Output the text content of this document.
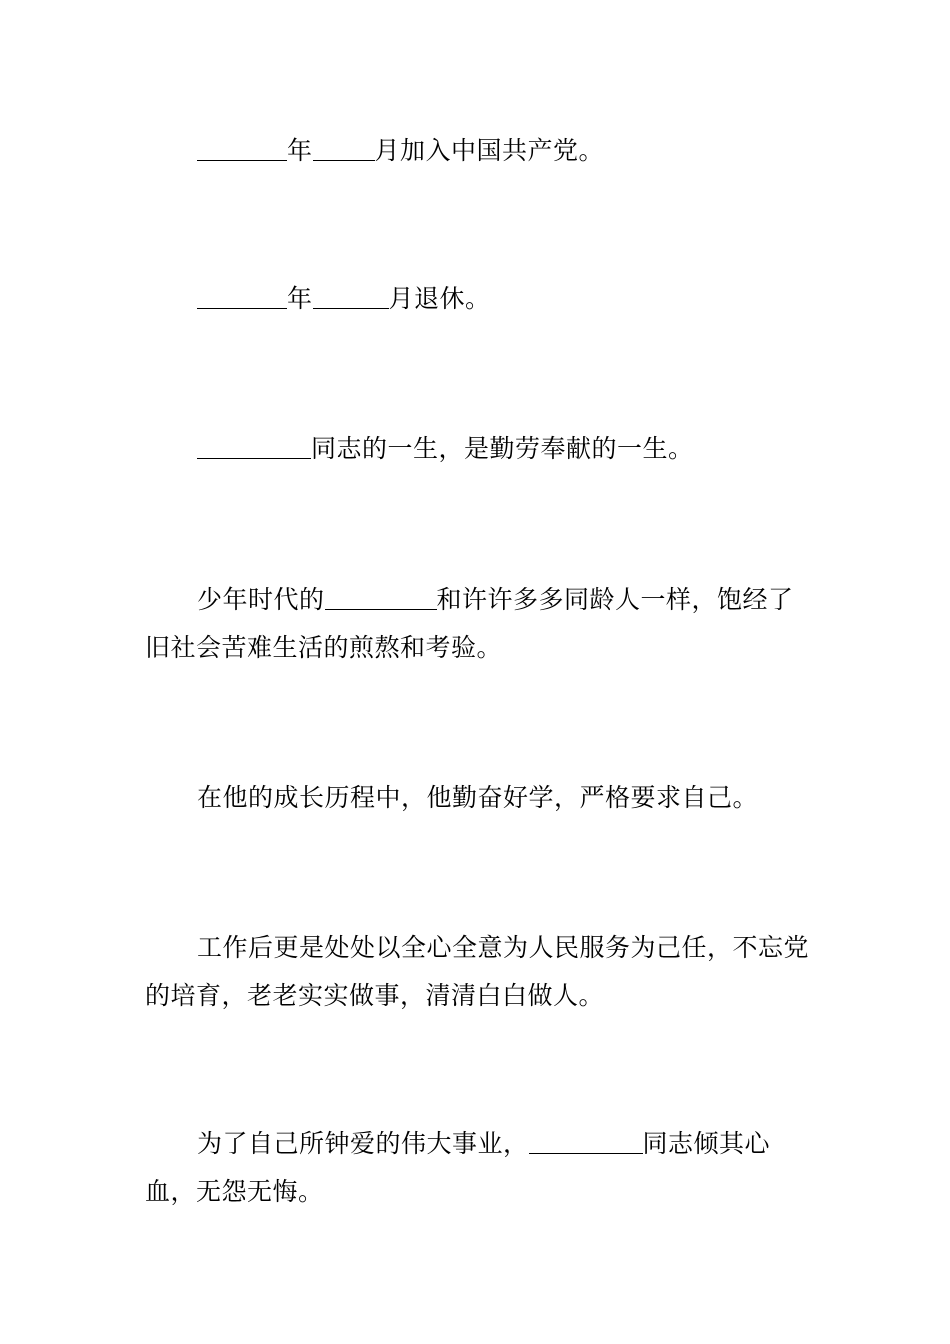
年 月加入中国共产党。

年	月退休。

同志的一生，是勤劳奉献的一生。

少年时代的	和许许多多同龄人一样，饱经了旧社会苦难生活的煎熬和考验。

在他的成长历程中，他勤奋好学，严格要求自己。

工作后更是处处以全心全意为人民服务为己任，不忘党的培育，老老实实做事，清清白白做人。

为了自己所钟爱的伟大事业，	同志倾其心血，无怨无悔。
